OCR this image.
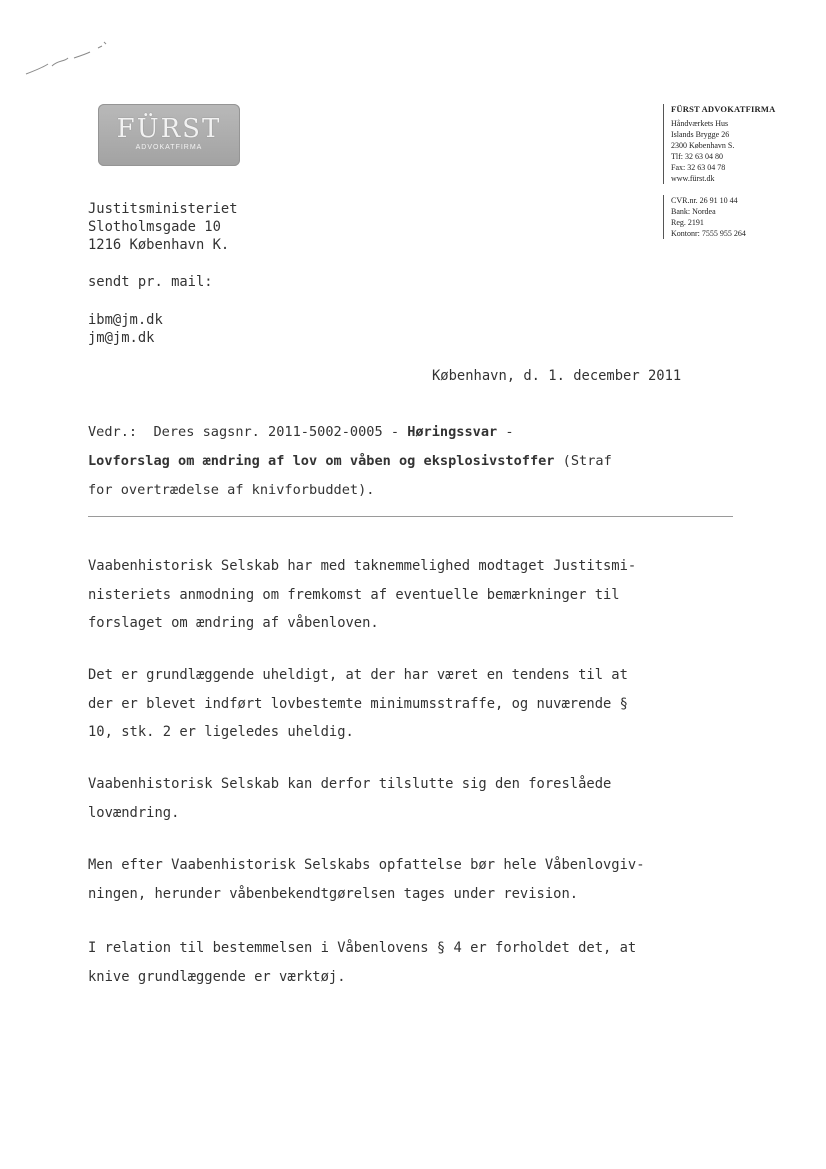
FÜRST
ADVOKATFIRMA
FÜRST ADVOKATFIRMA
Håndværkets Hus
Islands Brygge 26
2300 København S.
Tlf: 32 63 04 80
Fax: 32 63 04 78
www.fürst.dk
CVR.nr. 26 91 10 44
Bank: Nordea
Reg. 2191
Kontonr: 7555 955 264
Justitsministeriet
Slotholmsgade 10
1216 København K.
sendt pr. mail:
ibm@jm.dk
jm@jm.dk
København, d. 1. december 2011
Vedr.:  Deres sagsnr. 2011-5002-0005 - Høringssvar -
Lovforslag om ændring af lov om våben og eksplosivstoffer (Straf
for overtrædelse af knivforbuddet).
Vaabenhistorisk Selskab har med taknemmelighed modtaget Justitsmi-
nisteriets anmodning om fremkomst af eventuelle bemærkninger til
forslaget om ændring af våbenloven.
Det er grundlæggende uheldigt, at der har været en tendens til at
der er blevet indført lovbestemte minimumsstraffe, og nuværende §
10, stk. 2 er ligeledes uheldig.
Vaabenhistorisk Selskab kan derfor tilslutte sig den foreslåede
lovændring.
Men efter Vaabenhistorisk Selskabs opfattelse bør hele Våbenlovgiv-
ningen, herunder våbenbekendtgørelsen tages under revision.
I relation til bestemmelsen i Våbenlovens § 4 er forholdet det, at
knive grundlæggende er værktøj.
